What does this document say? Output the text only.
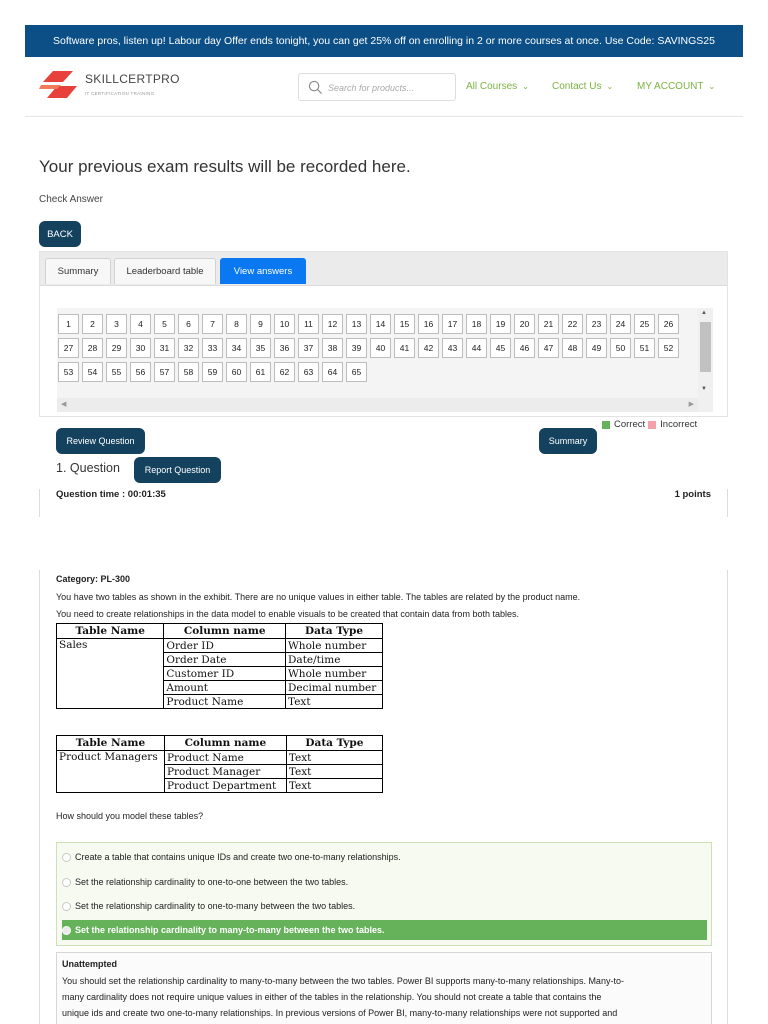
Software pros, listen up! Labour day Offer ends tonight, you can get 25% off on enrolling in 2 or more courses at once. Use Code: SAVINGS25
SKILLCERTPRO
IT CERTIFICATION TRAINING
Search for products...
All Courses ⌄ Contact Us ⌄ MY ACCOUNT ⌄
Your previous exam results will be recorded here.
Check Answer
BACK
Summary	Leaderboard table	View answers
1	2	3	4	5	6	7	8	9	10	11	12	13	14	15	16	17	18	19	20	21	22	23	24	25	26
27	28	29	30	31	32	33	34	35	36	37	38	39	40	41	42	43	44	45	46	47	48	49	50	51	52
53	54	55	56	57	58	59	60	61	62	63	64	65
▲
▼
◀	▶
Correct Incorrect
Review Question	Summary
1. Question	Report Question
Question time : 00:01:35	1 points
Category: PL-300
You have two tables as shown in the exhibit. There are no unique values in either table. The tables are related by the product name.
You need to create relationships in the data model to enable visuals to be created that contain data from both tables.
Table Name	Column name	Data Type
Sales	Order ID	Whole number
	Order Date	Date/time
	Customer ID	Whole number
	Amount	Decimal number
	Product Name	Text
Table Name	Column name	Data Type
Product Managers	Product Name	Text
	Product Manager	Text
	Product Department	Text
How should you model these tables?
Create a table that contains unique IDs and create two one-to-many relationships.
Set the relationship cardinality to one-to-one between the two tables.
Set the relationship cardinality to one-to-many between the two tables.
Set the relationship cardinality to many-to-many between the two tables.
Unattempted
You should set the relationship cardinality to many-to-many between the two tables. Power BI supports many-to-many relationships. Many-to-
many cardinality does not require unique values in either of the tables in the relationship. You should not create a table that contains the
unique ids and create two one-to-many relationships. In previous versions of Power BI, many-to-many relationships were not supported and
